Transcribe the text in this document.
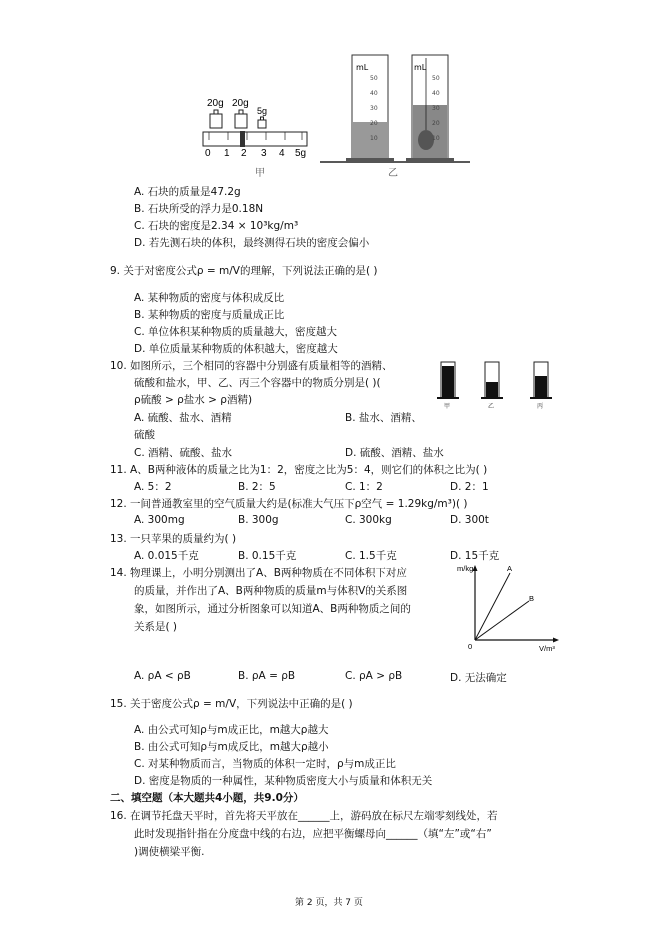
20g 20g
5g
0 1 2 3 4 5g
甲
mL
50
40
30
20
10
mL
50
40
30
20
10
乙
A. 石块的质量是47.2g
B. 石块所受的浮力是0.18N
C. 石块的密度是2.34 × 10³kg/m³
D. 若先测石块的体积，最终测得石块的密度会偏小
9. 关于对密度公式ρ = m/V的理解，下列说法正确的是( )
A. 某种物质的密度与体积成反比
B. 某种物质的密度与质量成正比
C. 单位体积某种物质的质量越大，密度越大
D. 单位质量某种物质的体积越大，密度越大
10. 如图所示，三个相同的容器中分别盛有质量相等的酒精、
硫酸和盐水，甲、乙、丙三个容器中的物质分别是( )(
ρ硫酸 > ρ盐水 > ρ酒精)
A. 硫酸、盐水、酒精	B. 盐水、酒精、
硫酸
C. 酒精、硫酸、盐水	D. 硫酸、酒精、盐水
甲	乙	丙
11. A、B两种液体的质量之比为1：2，密度之比为5：4，则它们的体积之比为( )
A. 5：2	B. 2：5	C. 1：2	D. 2：1
12. 一间普通教室里的空气质量大约是(标准大气压下ρ空气 = 1.29kg/m³)( )
A. 300mg	B. 300g	C. 300kg	D. 300t
13. 一只苹果的质量约为( )
A. 0.015千克	B. 0.15千克	C. 1.5千克	D. 15千克
14. 物理课上，小明分别测出了A、B两种物质在不同体积下对应
的质量，并作出了A、B两种物质的质量m与体积V的关系图
象，如图所示，通过分析图象可以知道A、B两种物质之间的
关系是( )
m/kg	A
B
0	V/m³
A. ρA < ρB	B. ρA = ρB	C. ρA > ρB	D. 无法确定
15. 关于密度公式ρ = m/V，下列说法中正确的是( )
A. 由公式可知ρ与m成正比，m越大ρ越大
B. 由公式可知ρ与m成反比，m越大ρ越小
C. 对某种物质而言，当物质的体积一定时，ρ与m成正比
D. 密度是物质的一种属性，某种物质密度大小与质量和体积无关
二、填空题（本大题共4小题，共9.0分）
16. 在调节托盘天平时，首先将天平放在______上，游码放在标尺左端零刻线处，若
此时发现指针指在分度盘中线的右边，应把平衡螺母向______（填“左”或“右”
)调使横梁平衡.
第 2 页，共 7 页
